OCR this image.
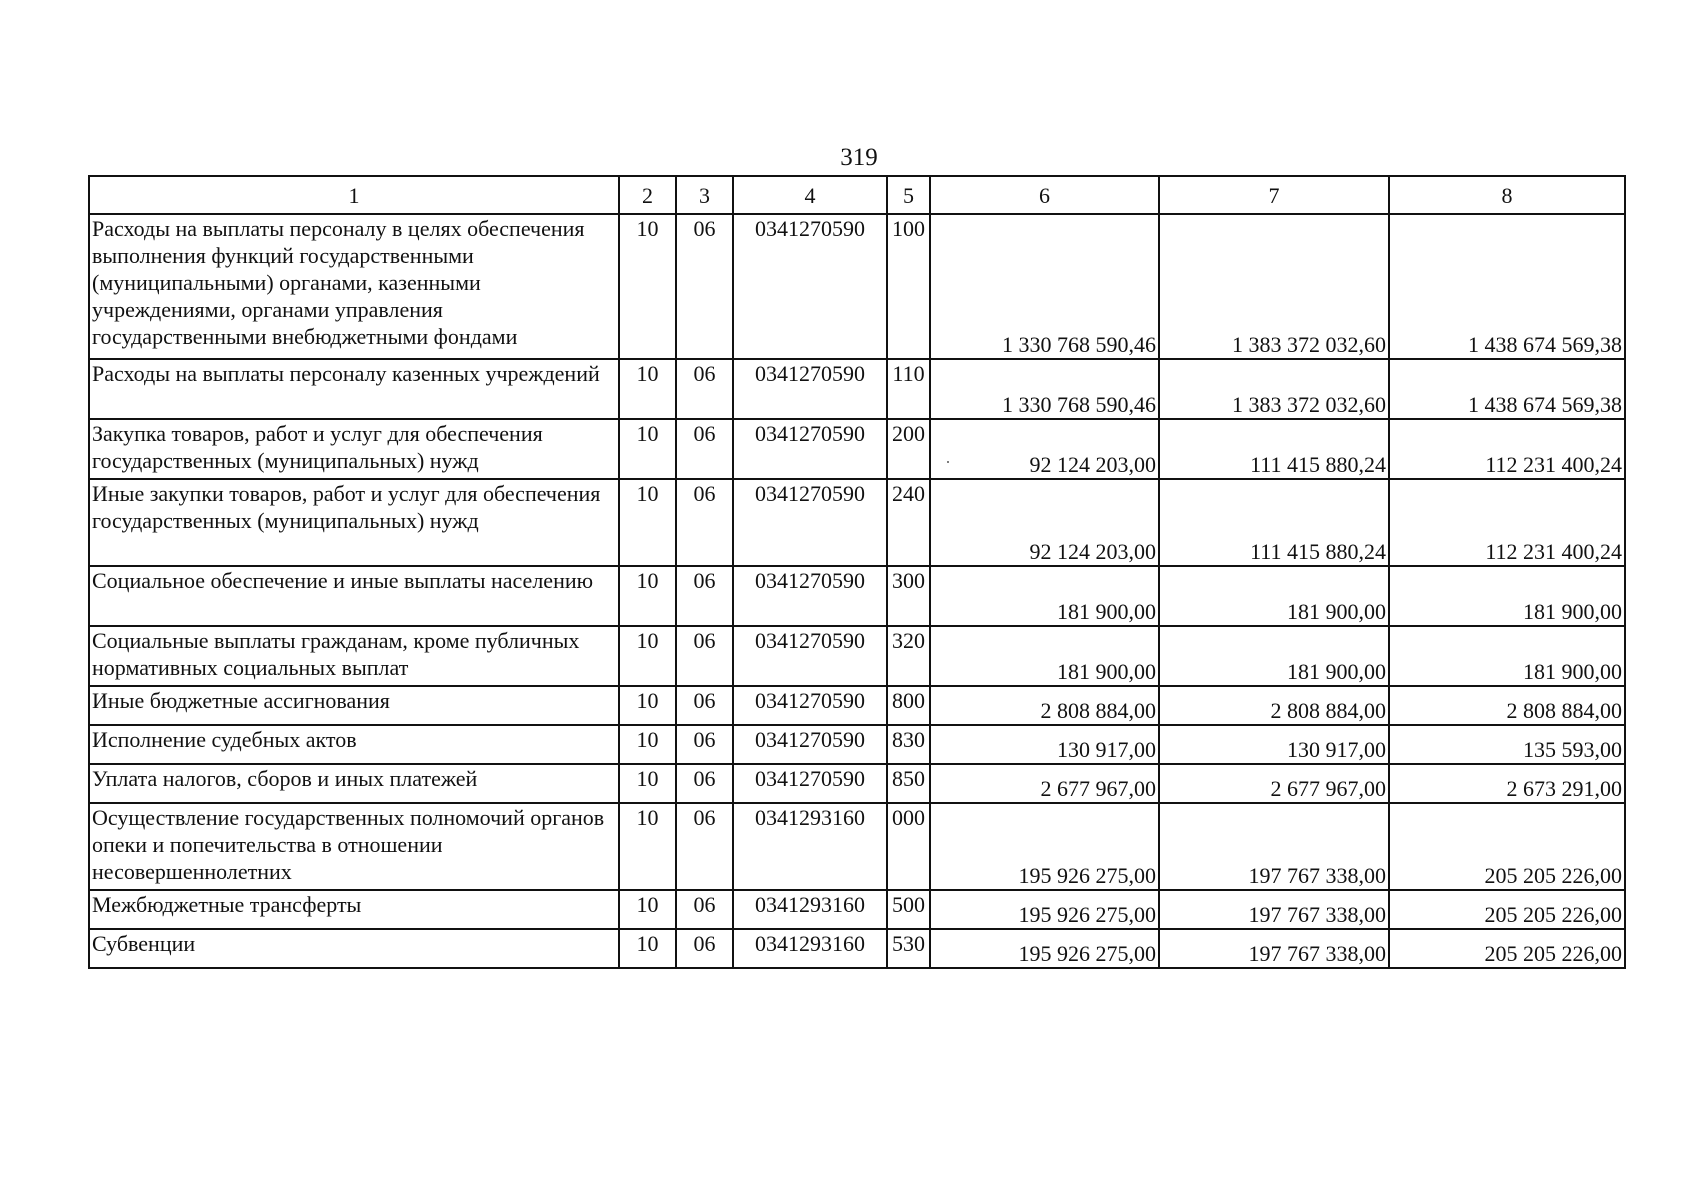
319
1	2	3	4	5	6	7	8
Расходы на выплаты персоналу в целях обеспечения выполнения функций государственными (муниципальными) органами, казенными учреждениями, органами управления государственными внебюджетными фондами	10	06	0341270590	100	1 330 768 590,46	1 383 372 032,60	1 438 674 569,38
Расходы на выплаты персоналу казенных учреждений	10	06	0341270590	110	1 330 768 590,46	1 383 372 032,60	1 438 674 569,38
Закупка товаров, работ и услуг для обеспечения государственных (муниципальных) нужд	10	06	0341270590	200	92 124 203,00	111 415 880,24	112 231 400,24
Иные закупки товаров, работ и услуг для обеспечения государственных (муниципальных) нужд	10	06	0341270590	240	92 124 203,00	111 415 880,24	112 231 400,24
Социальное обеспечение и иные выплаты населению	10	06	0341270590	300	181 900,00	181 900,00	181 900,00
Социальные выплаты гражданам, кроме публичных нормативных социальных выплат	10	06	0341270590	320	181 900,00	181 900,00	181 900,00
Иные бюджетные ассигнования	10	06	0341270590	800	2 808 884,00	2 808 884,00	2 808 884,00
Исполнение судебных актов	10	06	0341270590	830	130 917,00	130 917,00	135 593,00
Уплата налогов, сборов и иных платежей	10	06	0341270590	850	2 677 967,00	2 677 967,00	2 673 291,00
Осуществление государственных полномочий органов опеки и попечительства в отношении несовершеннолетних	10	06	0341293160	000	195 926 275,00	197 767 338,00	205 205 226,00
Межбюджетные трансферты	10	06	0341293160	500	195 926 275,00	197 767 338,00	205 205 226,00
Субвенции	10	06	0341293160	530	195 926 275,00	197 767 338,00	205 205 226,00
